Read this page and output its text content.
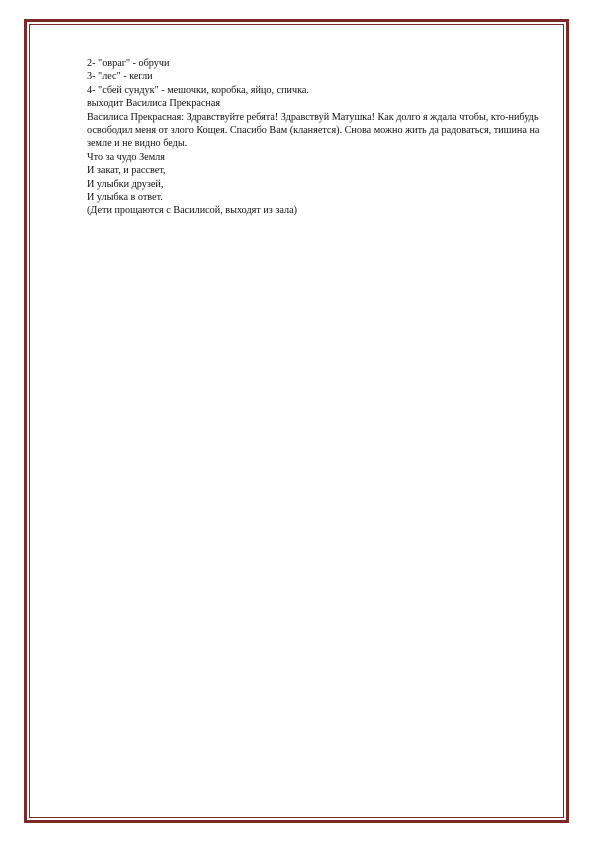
2- "овраг" - обручи
3- "лес" - кегли
4- "сбей сундук" - мешочки, коробка, яйцо, спичка.
выходит Василиса Прекрасная
Василиса Прекрасная: Здравствуйте ребята! Здравствуй Матушка! Как долго я ждала чтобы, кто-нибудь освободил меня от злого Кощея. Спасибо Вам (кланяется). Снова можно жить да радоваться, тишина на земле и не видно беды.
Что за чудо Земля
И закат, и рассвет,
И улыбки друзей,
И улыбка в ответ.
(Дети прощаются с Василисой, выходят из зала)
